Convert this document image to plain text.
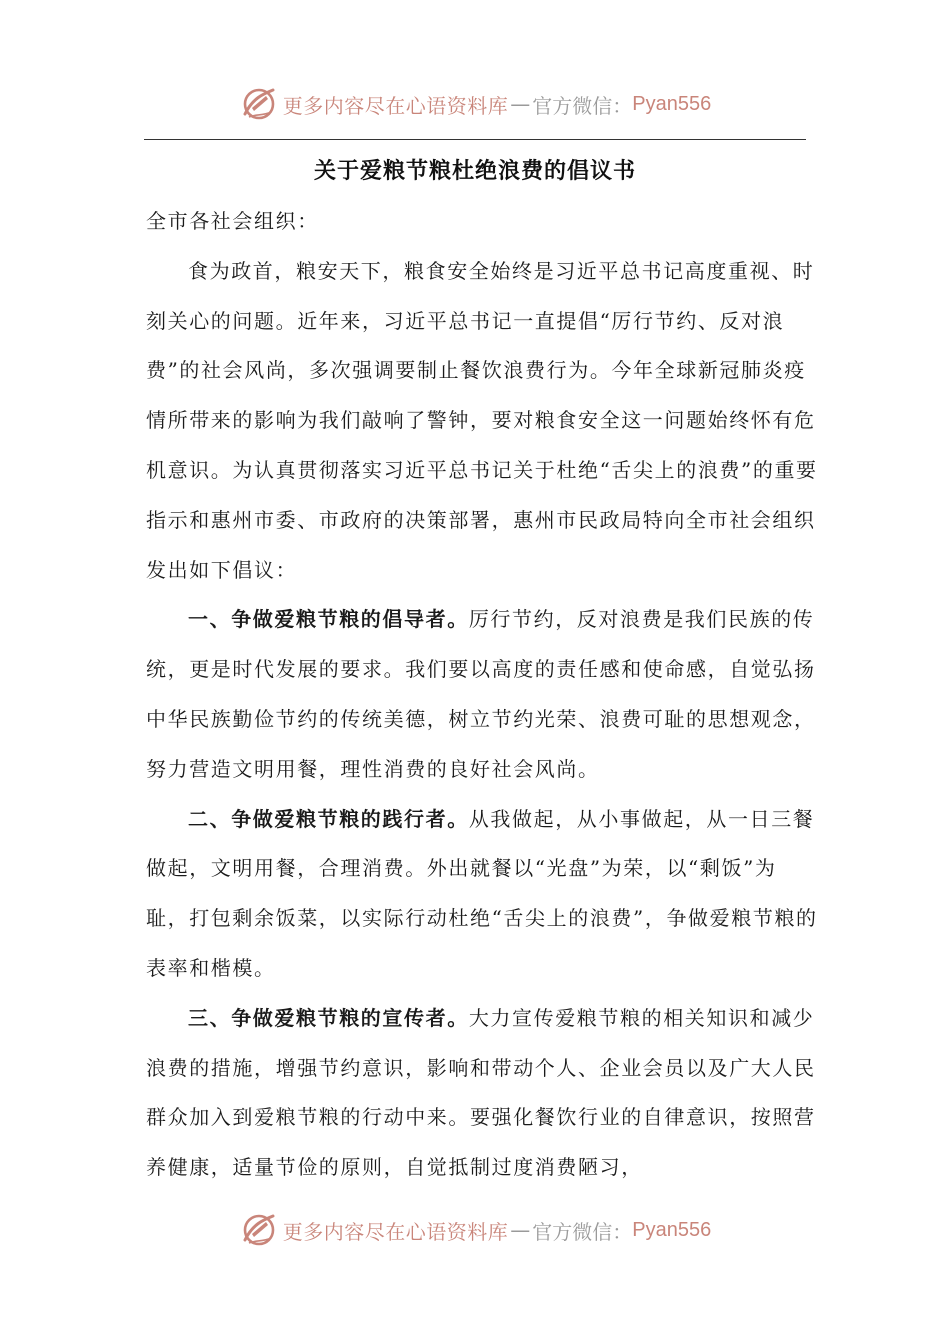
更多内容尽在心语资料库 — 官方微信： Pyan556
关于爱粮节粮杜绝浪费的倡议书

全市各社会组织：

食为政首，粮安天下，粮食安全始终是习近平总书记高度重视、时刻关心的问题。近年来，习近平总书记一直提倡“厉行节约、反对浪费”的社会风尚，多次强调要制止餐饮浪费行为。今年全球新冠肺炎疫情所带来的影响为我们敲响了警钟，要对粮食安全这一问题始终怀有危机意识。为认真贯彻落实习近平总书记关于杜绝“舌尖上的浪费”的重要指示和惠州市委、市政府的决策部署，惠州市民政局特向全市社会组织发出如下倡议：

一、争做爱粮节粮的倡导者。厉行节约，反对浪费是我们民族的传统，更是时代发展的要求。我们要以高度的责任感和使命感，自觉弘扬中华民族勤俭节约的传统美德，树立节约光荣、浪费可耻的思想观念，努力营造文明用餐，理性消费的良好社会风尚。

二、争做爱粮节粮的践行者。从我做起，从小事做起，从一日三餐做起，文明用餐，合理消费。外出就餐以“光盘”为荣，以“剩饭”为耻，打包剩余饭菜，以实际行动杜绝“舌尖上的浪费”，争做爱粮节粮的表率和楷模。

三、争做爱粮节粮的宣传者。大力宣传爱粮节粮的相关知识和减少浪费的措施，增强节约意识，影响和带动个人、企业会员以及广大人民群众加入到爱粮节粮的行动中来。要强化餐饮行业的自律意识，按照营养健康，适量节俭的原则，自觉抵制过度消费陋习，

更多内容尽在心语资料库 — 官方微信： Pyan556
